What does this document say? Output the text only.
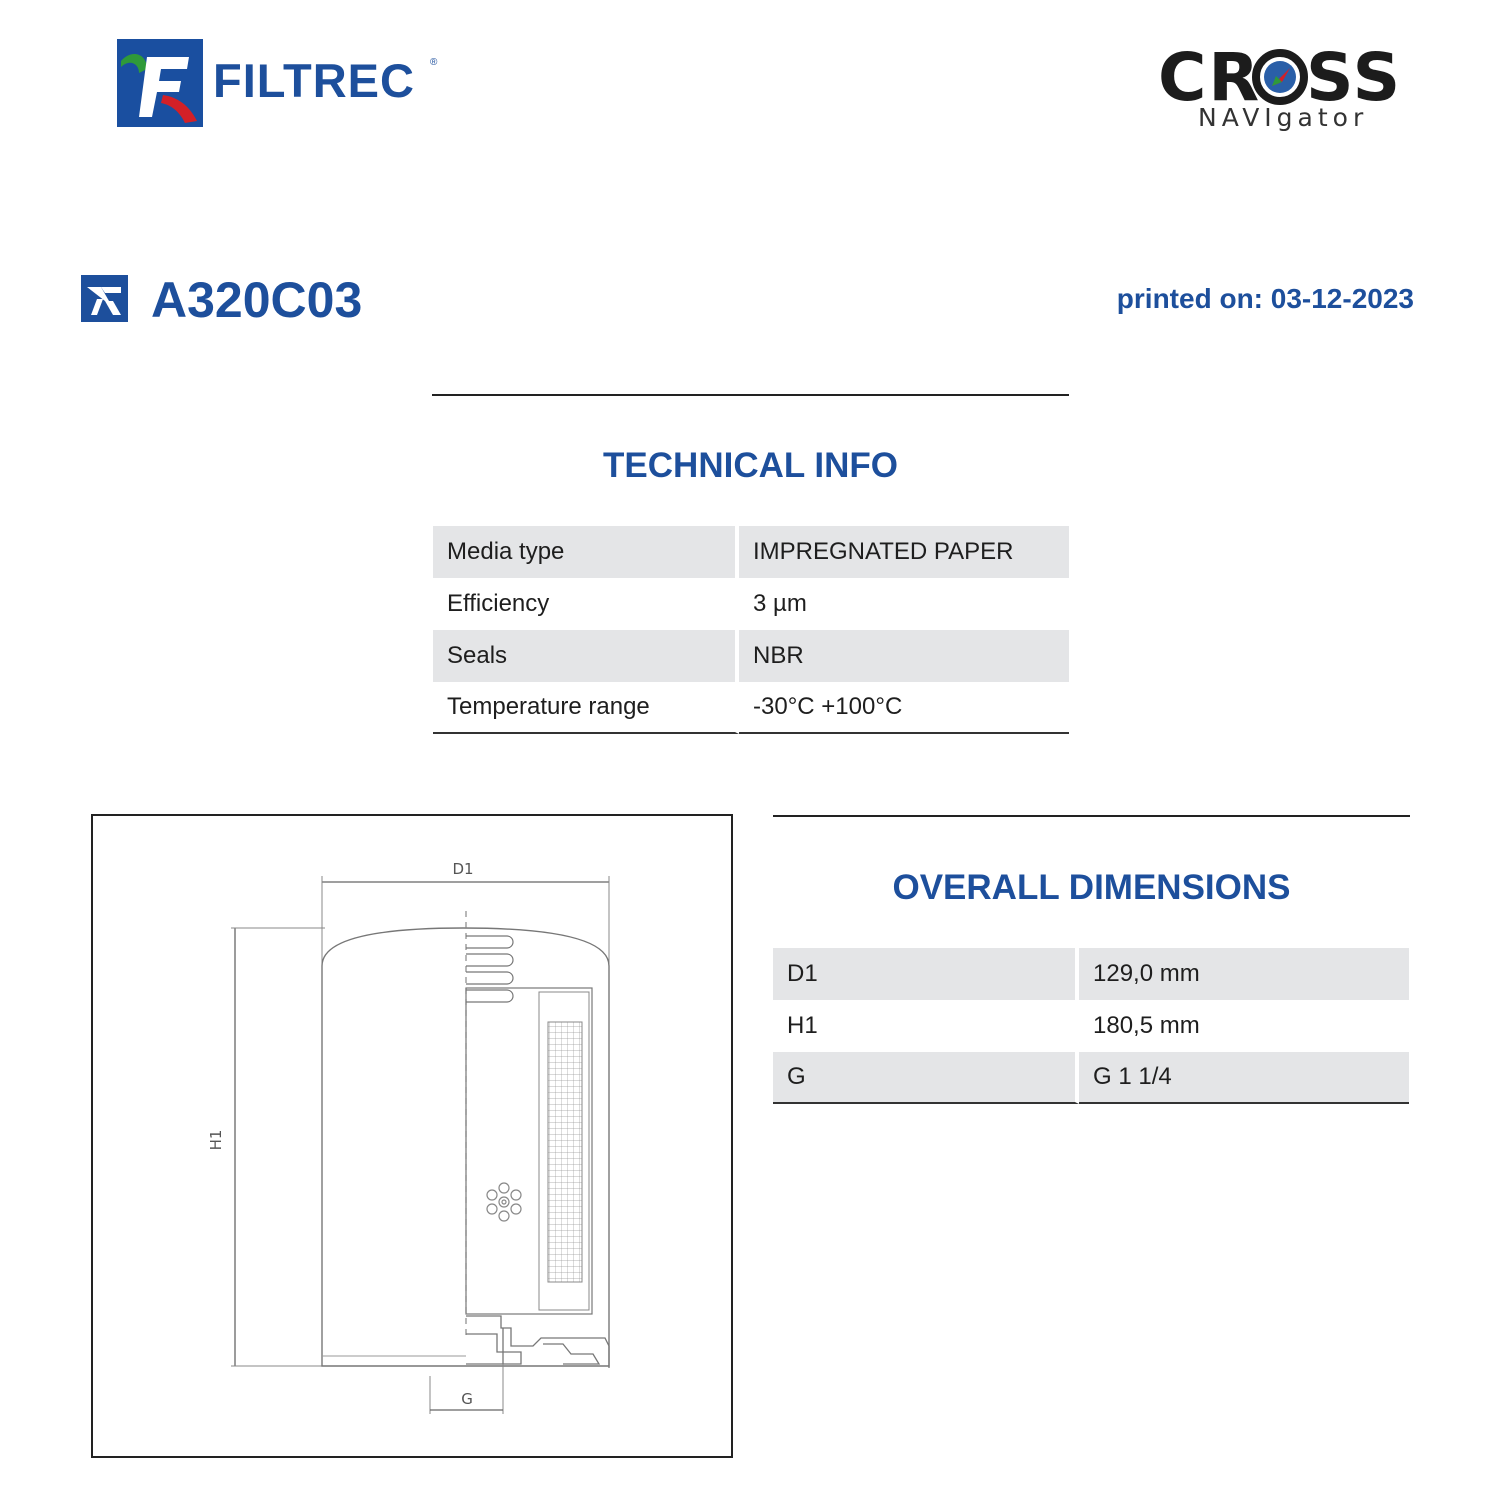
FILTREC ®	CR SS
NAVIgator
A320C03	printed on: 03-12-2023
TECHNICAL INFO
Media type	IMPREGNATED PAPER
Efficiency	3 µm
Seals	NBR
Temperature range	-30°C +100°C
D1
H1
G
OVERALL DIMENSIONS
D1	129,0 mm
H1	180,5 mm
G	G 1 1/4
